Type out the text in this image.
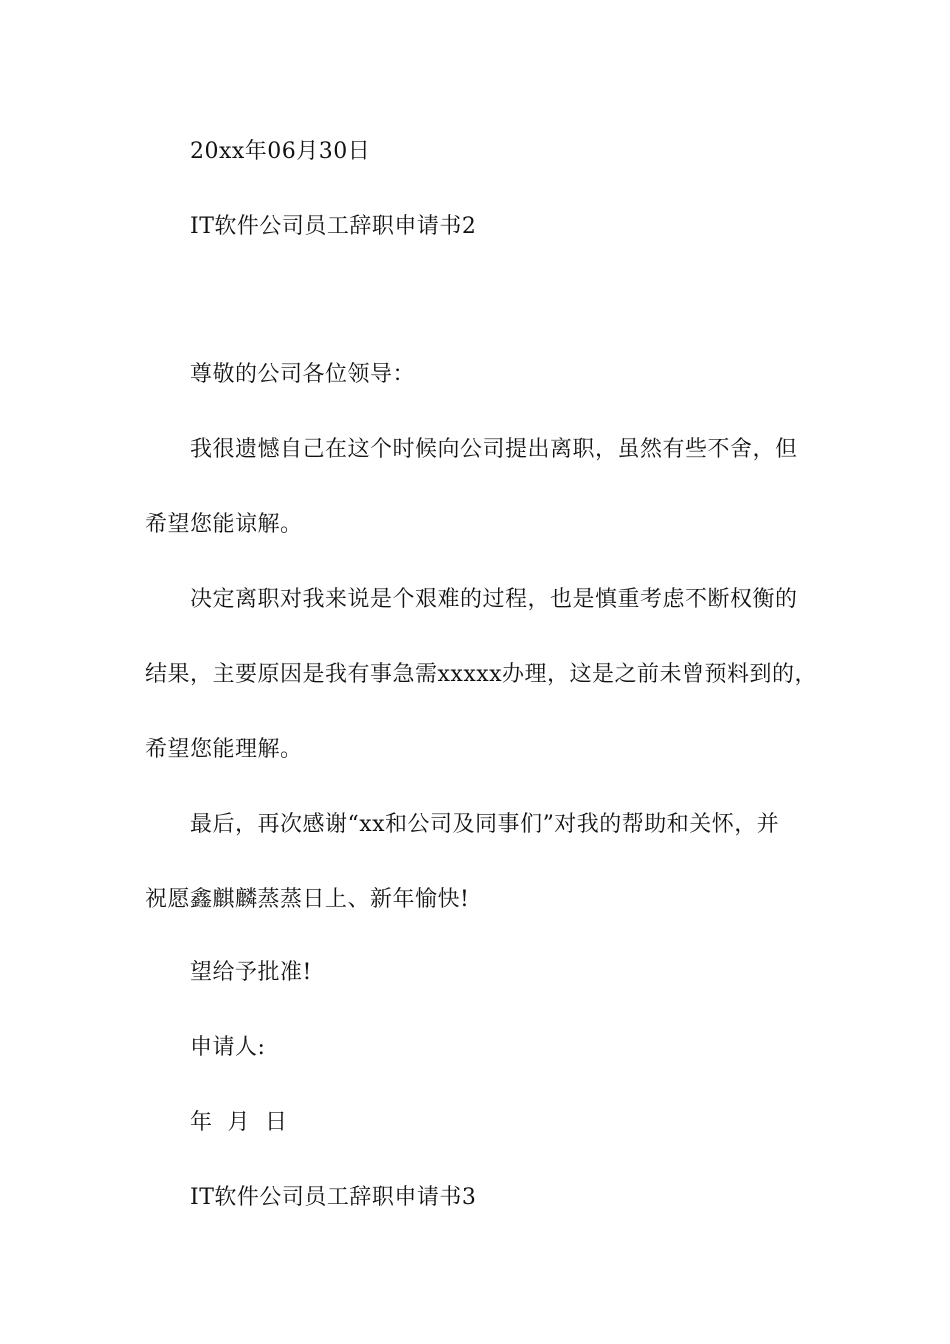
20xx年06月30日
IT软件公司员工辞职申请书2
尊敬的公司各位领导：
我很遗憾自己在这个时候向公司提出离职，虽然有些不舍，但
希望您能谅解。
决定离职对我来说是个艰难的过程，也是慎重考虑不断权衡的
结果，主要原因是我有事急需xxxxx办理，这是之前未曾预料到的，
希望您能理解。
最后，再次感谢“xx和公司及同事们”对我的帮助和关怀，并
祝愿鑫麒麟蒸蒸日上、新年愉快!
望给予批准!
申请人:
年  月  日
IT软件公司员工辞职申请书3
